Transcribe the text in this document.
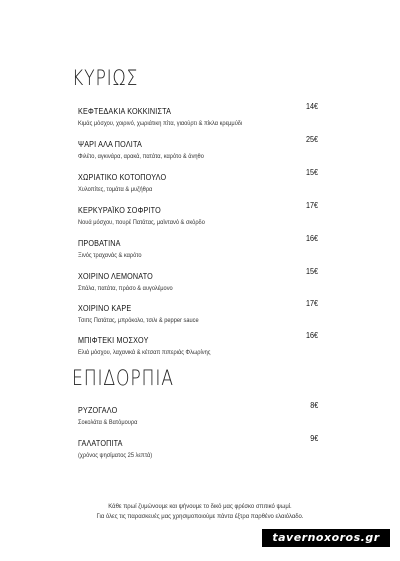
ΚΥΡΙΩΣ
ΚΕΦΤΕΔΑΚΙΑ ΚΟΚΚΙΝΙΣΤΑ	14€
Κιμάς μόσχου, χοιρινό, χωριάτικη πίτα, γιαούρτι & πίκλα κρεμμύδι
ΨΑΡΙ ΑΛΑ ΠΟΛΙΤΑ	25€
Φιλέτο, αγκινάρα, αρακά, πατάτα, καρότο & άνηθο
ΧΩΡΙΑΤΙΚΟ ΚΟΤΟΠΟΥΛΟ	15€
Χυλοπίτες, τομάτα & μυζήθρα
ΚΕΡΚΥΡΑΪΚΟ ΣΟΦΡΙΤΟ	17€
Νουά μόσχου, πουρέ Πατάτας, μαϊντανό & σκόρδο
ΠΡΟΒΑΤΙΝΑ	16€
Ξινός τραχανάς & καρότο
ΧΟΙΡΙΝΟ ΛΕΜΟΝΑΤΟ	15€
Σπάλα, πατάτα, πράσο & αυγολέμονο
ΧΟΙΡΙΝΟ ΚΑΡΕ	17€
Τσιπς Πατάτας, μπρόκολο, τσιλι & pepper sauce
ΜΠΙΦΤΕΚΙ ΜΟΣΧΟΥ	16€
Ελιά μόσχου, λαχανικά & κέτσαπ πιπεριάς Φλωρίνης
ΕΠΙΔΟΡΠΙΑ
ΡΥΖΟΓΑΛΟ	8€
Σοκολάτα & Βατόμουρα
ΓΑΛΑΤΟΠΙΤΑ	9€
(χρόνος ψησίματος 25 λεπτά)
Κάθε πρωί ζυμώνουμε και ψήνουμε το δικό μας φρέσκο σπιτικό ψωμί.
Για όλες τις παρασκευές μας χρησιμοποιούμε πάντα έξτρα παρθένο ελαιόλαδο.
tavernoxoros.gr
